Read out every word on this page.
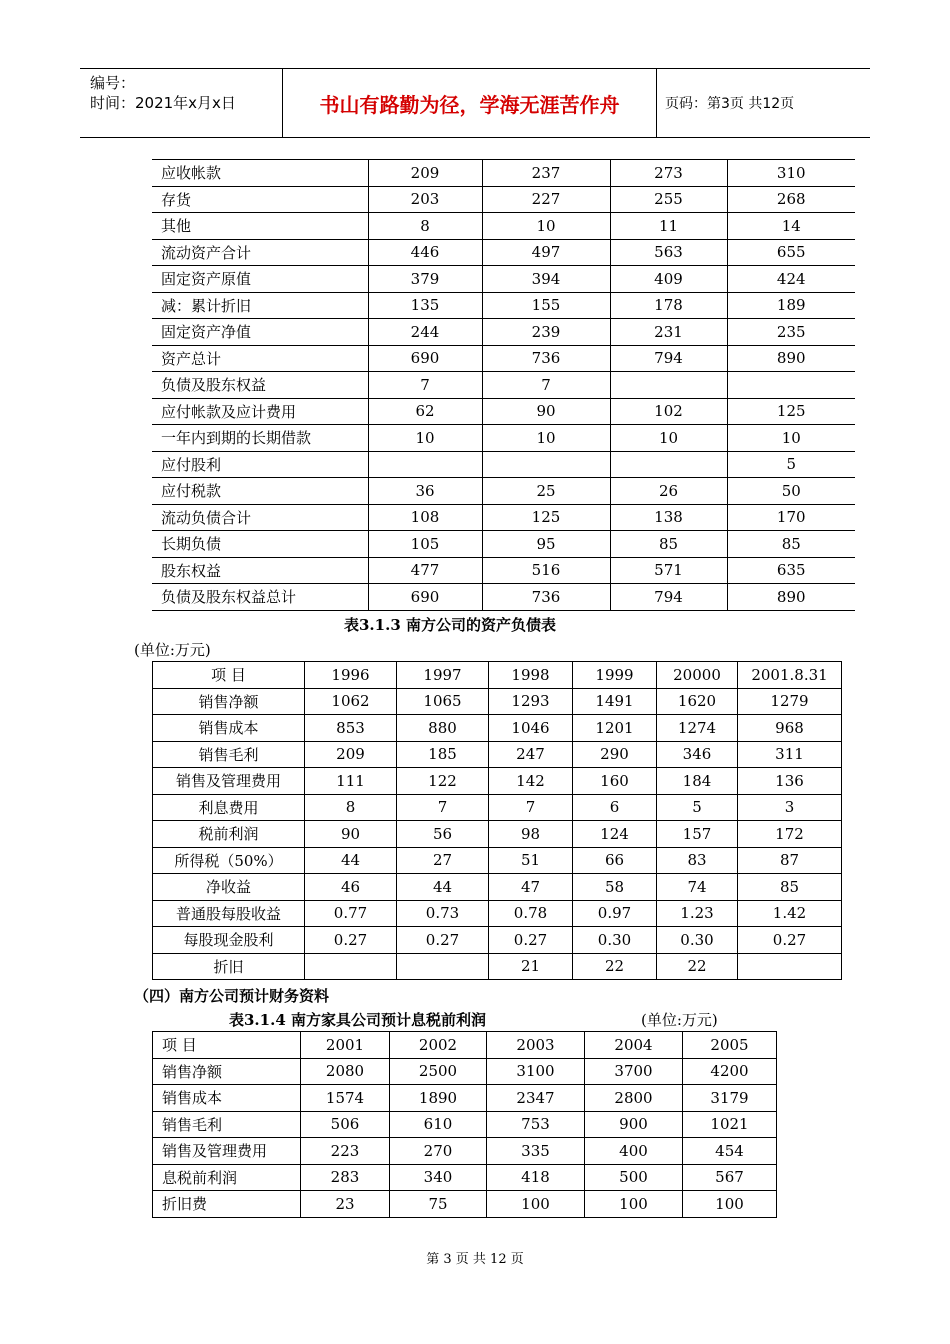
编号：
时间：2021年x月x日	书山有路勤为径，学海无涯苦作舟	页码：第3页 共12页
应收帐款	209	237	273	310
存货	203	227	255	268
其他	8	10	11	14
流动资产合计	446	497	563	655
固定资产原值	379	394	409	424
减：累计折旧	135	155	178	189
固定资产净值	244	239	231	235
资产总计	690	736	794	890
负债及股东权益	7	7		
应付帐款及应计费用	62	90	102	125
一年内到期的长期借款	10	10	10	10
应付股利				5
应付税款	36	25	26	50
流动负债合计	108	125	138	170
长期负债	105	95	85	85
股东权益	477	516	571	635
负债及股东权益总计	690	736	794	890
表3.1.3 南方公司的资产负债表
(单位:万元)
项 目	1996	1997	1998	1999	20000	2001.8.31
销售净额	1062	1065	1293	1491	1620	1279
销售成本	853	880	1046	1201	1274	968
销售毛利	209	185	247	290	346	311
销售及管理费用	111	122	142	160	184	136
利息费用	8	7	7	6	5	3
税前利润	90	56	98	124	157	172
所得税（50%）	44	27	51	66	83	87
净收益	46	44	47	58	74	85
普通股每股收益	0.77	0.73	0.78	0.97	1.23	1.42
每股现金股利	0.27	0.27	0.27	0.30	0.30	0.27
折旧			21	22	22	
（四）南方公司预计财务资料
表3.1.4 南方家具公司预计息税前利润	(单位:万元)
项 目	2001	2002	2003	2004	2005
销售净额	2080	2500	3100	3700	4200
销售成本	1574	1890	2347	2800	3179
销售毛利	506	610	753	900	1021
销售及管理费用	223	270	335	400	454
息税前利润	283	340	418	500	567
折旧费	23	75	100	100	100
第 3 页 共 12 页
